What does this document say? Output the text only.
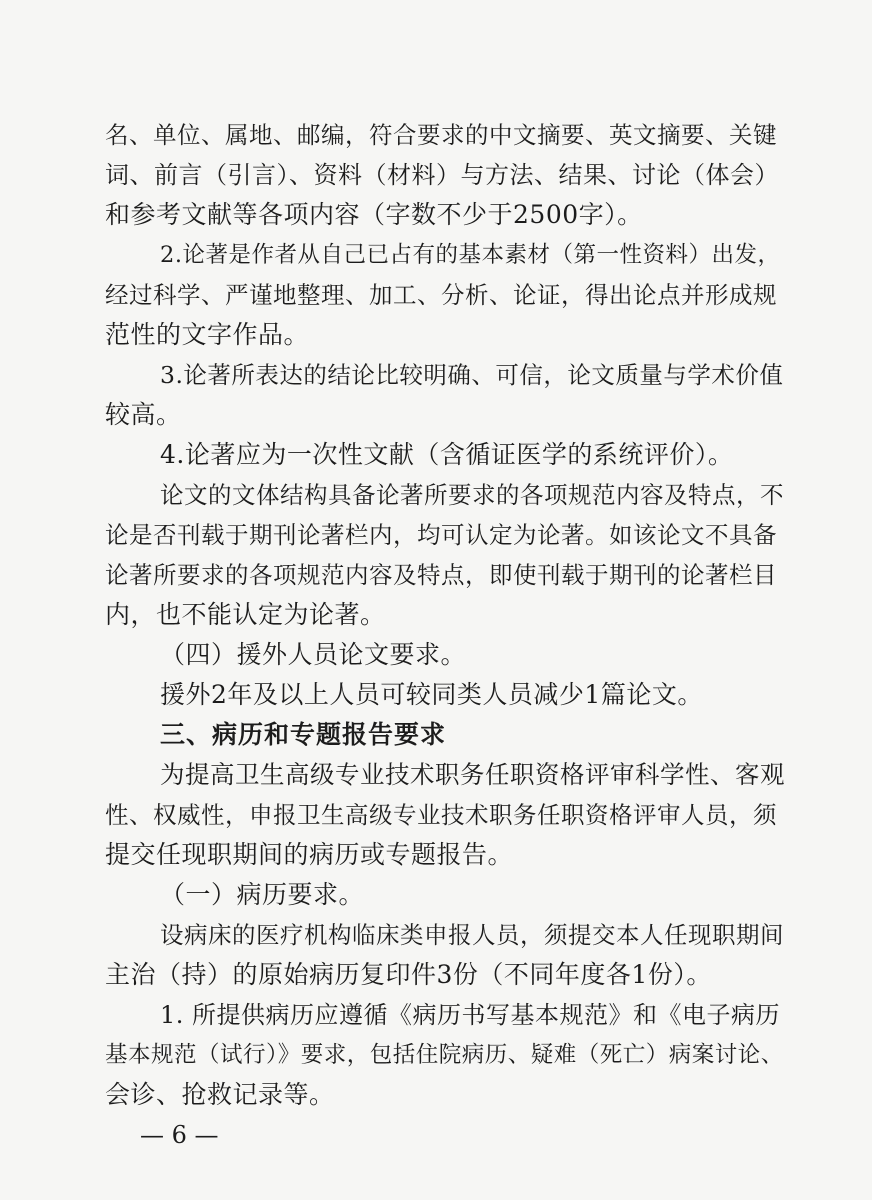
名、单位、属地、邮编，符合要求的中文摘要、英文摘要、关键
词、前言（引言）、资料（材料）与方法、结果、讨论（体会）
和参考文献等各项内容（字数不少于2500字）。
2.论著是作者从自己已占有的基本素材（第一性资料）出发，
经过科学、严谨地整理、加工、分析、论证，得出论点并形成规
范性的文字作品。
3.论著所表达的结论比较明确、可信，论文质量与学术价值
较高。
4.论著应为一次性文献（含循证医学的系统评价）。
论文的文体结构具备论著所要求的各项规范内容及特点，不
论是否刊载于期刊论著栏内，均可认定为论著。如该论文不具备
论著所要求的各项规范内容及特点，即使刊载于期刊的论著栏目
内，也不能认定为论著。
（四）援外人员论文要求。
援外2年及以上人员可较同类人员减少1篇论文。
三、病历和专题报告要求
为提高卫生高级专业技术职务任职资格评审科学性、客观
性、权威性，申报卫生高级专业技术职务任职资格评审人员，须
提交任现职期间的病历或专题报告。
（一）病历要求。
设病床的医疗机构临床类申报人员，须提交本人任现职期间
主治（持）的原始病历复印件3份（不同年度各1份）。
1. 所提供病历应遵循《病历书写基本规范》和《电子病历
基本规范（试行）》要求，包括住院病历、疑难（死亡）病案讨论、
会诊、抢救记录等。
— 6 —
